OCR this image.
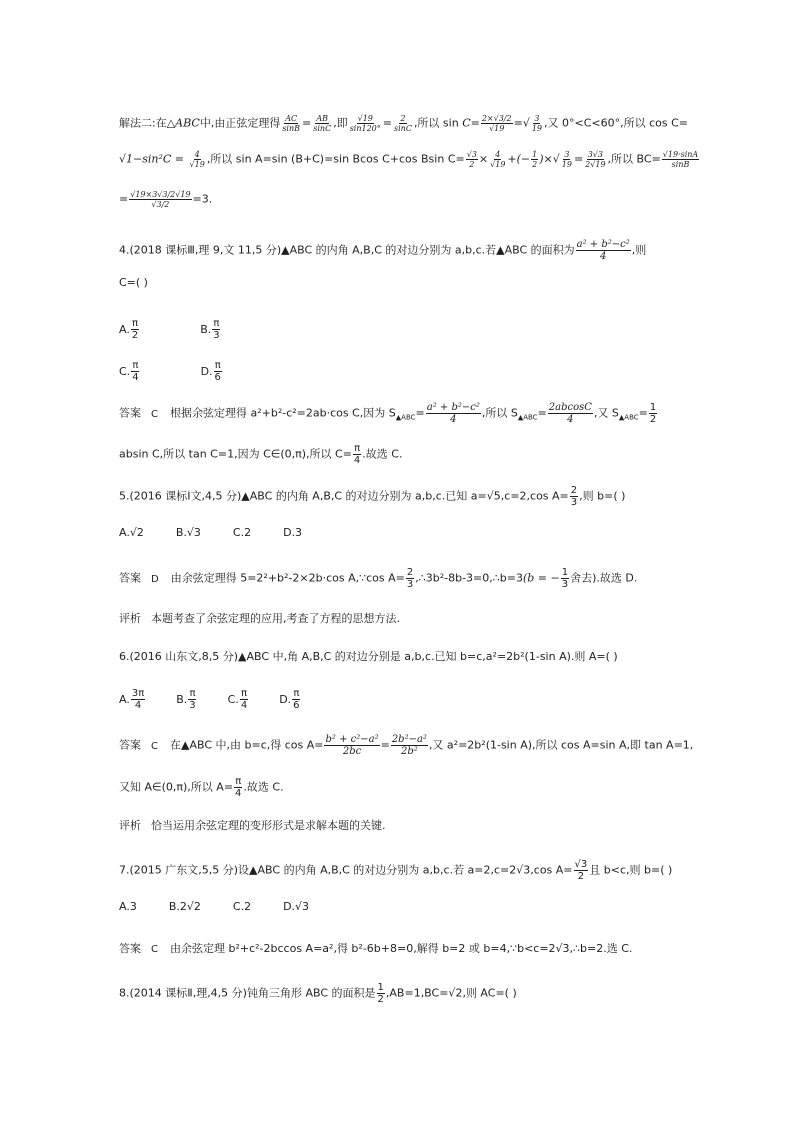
解法二:在△ABC中,由正弦定理得 $\frac{AC}{\sin B} = \frac{AB}{\sin C}$ ,即 $\frac{√19}{\sin 120^\circ} = \frac{2}{\sin C}$ ,所以 $\sin C= \frac{2\times√3/2}{√19}$ =√ $\frac{3}{19}$ ,又 0°<C<60°,所以 cos C=
$√1-\sin^2C = \frac{4}{√19}$ ,所以 sin A=sin (B+C)=sin Bcos C+cos Bsin $C= \frac{√3}{2} \times \frac{4}{√19}$ +(− $\frac{1}{2}$ )×√ $\frac{3}{19} = \frac{3√3}{2√19}$ ,所以 $BC= \frac{√19\cdot\sin A}{\sin B}$
= $\frac{√19\times 3√3/2√19}{√3/2} =3$.
4.(2018 课标Ⅲ,理 9,文 11,5 分)▲ABC 的内角 A,B,C 的对边分别为 a,b,c.若▲ABC 的面积为 $\frac{\text{a² + b²−c²}}{4}$ ,则
C=( )
A. $\frac{\pi}{2}$	B. $\frac{\pi}{3}$
C. $\frac{\pi}{4}$	D. $\frac{\pi}{6}$
答案 C 根据余弦定理得 a²+b²-c²=2ab·cos C,因为 $S_{▲ABC}= \frac{\text{a² + b²−c²}}{4}$ ,所以 $S_{▲ABC}= \frac{2abcosC}{4}$ ,又 $S_{▲ABC}= \frac{1}{2}$
absin C,所以 tan C=1,因为 C∈(0,π),所以 $C= \frac{\pi}{4}$ .故选 C.
5.(2016 课标Ⅰ文,4,5 分)▲ABC 的内角 A,B,C 的对边分别为 a,b,c.已知 a=√5,c=2,cos $A= \frac{2}{3}$ ,则 b=( )
A.√2	B.√3	C.2	D.3
答案 D 由余弦定理得 5=2²+b²-2×2b·cos A,∵cos $A= \frac{2}{3}$ ,∴3b²-8b-3=0,∴b=3(b = − $\frac{1}{3}$ 舍去).故选 D.
评析 本题考查了余弦定理的应用,考查了方程的思想方法.
6.(2016 山东文,8,5 分)▲ABC 中,角 A,B,C 的对边分别是 a,b,c.已知 b=c,a²=2b²(1-sin A).则 A=( )
A. $\frac{3\pi}{4}$	B. $\frac{\pi}{3}$	C. $\frac{\pi}{4}$	D. $\frac{\pi}{6}$
答案 C 在▲ABC 中,由 b=c,得 $\cos A= \frac{\text{b² + c²−a²}}{2bc} = \frac{\text{2b²−a²}}{\text{2b²}}$ ,又 a²=2b²(1-sin A),所以 cos A=sin A,即 tan A=1,
又知 A∈(0,π),所以 $A= \frac{\pi}{4}$ .故选 C.
评析 恰当运用余弦定理的变形形式是求解本题的关键.
7.(2015 广东文,5,5 分)设▲ABC 的内角 A,B,C 的对边分别为 a,b,c.若 a=2,c=2√3,cos $A= \frac{√3}{2}$ 且 b<c,则 b=( )
A.3	B.2√2	C.2	D.√3
答案 C 由余弦定理 b²+c²-2bccos A=a²,得 b²-6b+8=0,解得 b=2 或 b=4,∵b<c=2√3,∴b=2.选 C.
8.(2014 课标Ⅱ,理,4,5 分)钝角三角形 ABC 的面积是 $\frac{1}{2} ,AB=1,BC=√2$,则 AC=( )
